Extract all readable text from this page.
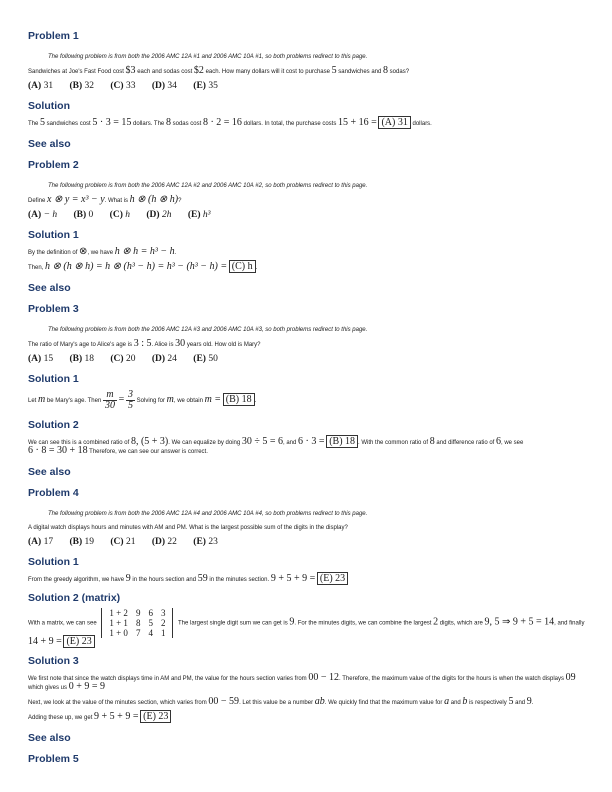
Problem 1
The following problem is from both the 2006 AMC 12A #1 and 2006 AMC 10A #1, so both problems redirect to this page.
Sandwiches at Joe's Fast Food cost $3 each and sodas cost $2 each. How many dollars will it cost to purchase 5 sandwiches and 8 sodas?
(A) 31 (B) 32 (C) 33 (D) 34 (E) 35
Solution
The 5 sandwiches cost 5 · 3 = 15 dollars. The 8 sodas cost 8 · 2 = 16 dollars. In total, the purchase costs 15 + 16 = (A) 31 dollars.
See also
Problem 2
The following problem is from both the 2006 AMC 12A #2 and 2006 AMC 10A #2, so both problems redirect to this page.
Define x ⊗ y = x³ − y. What is h ⊗ (h ⊗ h)?
(A) − h (B) 0 (C) h (D) 2h (E) h³
Solution 1
By the definition of ⊗, we have h ⊗ h = h³ − h.
Then, h ⊗ (h ⊗ h) = h ⊗ (h³ − h) = h³ − (h³ − h) = (C) h .
See also
Problem 3
The following problem is from both the 2006 AMC 12A #3 and 2006 AMC 10A #3, so both problems redirect to this page.
The ratio of Mary's age to Alice's age is 3 : 5. Alice is 30 years old. How old is Mary?
(A) 15 (B) 18 (C) 20 (D) 24 (E) 50
Solution 1
Let m be Mary's age. Then $\frac{m}{30} = \frac{3}{5}$ Solving for m, we obtain m = (B) 18 .
Solution 2
We can see this is a combined ratio of 8, (5 + 3). We can equalize by doing 30 ÷ 5 = 6, and 6 · 3 = (B) 18 . With the common ratio of 8 and difference ratio of 6, we see
6 · 8 = 30 + 18 Therefore, we can see our answer is correct.
See also
Problem 4
The following problem is from both the 2006 AMC 12A #4 and 2006 AMC 10A #4, so both problems redirect to this page.
A digital watch displays hours and minutes with AM and PM. What is the largest possible sum of the digits in the display?
(A) 17 (B) 19 (C) 21 (D) 22 (E) 23
Solution 1
From the greedy algorithm, we have 9 in the hours section and 59 in the minutes section. 9 + 5 + 9 = (E) 23
Solution 2 (matrix)
With a matrix, we can see
1 + 2	9	6	3
1 + 1	8	5	2
1 + 0	7	4	1
The largest single digit sum we can get is 9. For the minutes digits, we can combine the largest 2 digits, which are 9, 5 ⇒ 9 + 5 = 14, and finally
14 + 9 = (E) 23
Solution 3
We first note that since the watch displays time in AM and PM, the value for the hours section varies from 00 − 12. Therefore, the maximum value of the digits for the hours is when the watch displays 09 which gives us 0 + 9 = 9
Next, we look at the value of the minutes section, which varies from 00 − 59. Let this value be a number ab. We quickly find that the maximum value for a and b is respectively 5 and 9.
Adding these up, we get 9 + 5 + 9 = (E) 23
See also
Problem 5
